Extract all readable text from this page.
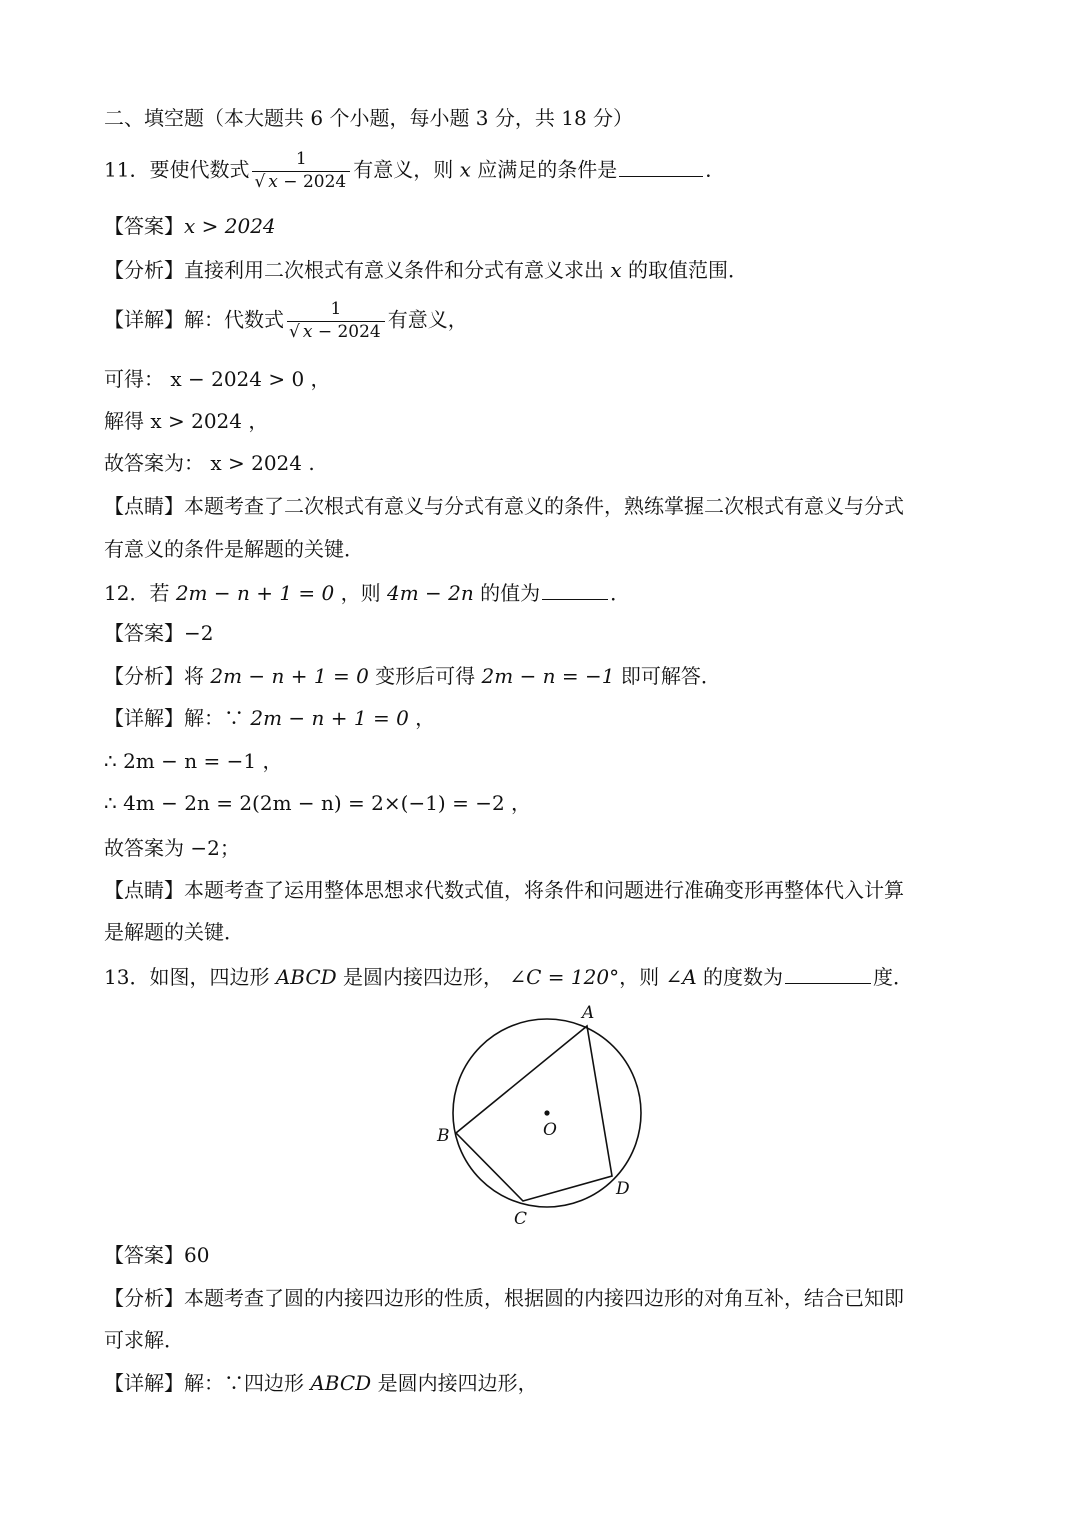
二、填空题（本大题共 6 个小题，每小题 3 分，共 18 分）
11．要使代数式 $\frac{1}{√ x - 2024}$ 有意义，则 x 应满足的条件是	．
【答案】x > 2024
【分析】直接利用二次根式有意义条件和分式有意义求出 x 的取值范围．
【详解】解：代数式 $\frac{1}{√ x - 2024}$ 有意义，
可得： x − 2024 > 0 ，
解得 x > 2024 ，
故答案为： x > 2024 .
【点睛】本题考查了二次根式有意义与分式有意义的条件，熟练掌握二次根式有意义与分式
有意义的条件是解题的关键．
12．若 2m − n + 1 = 0 ，则 4m − 2n 的值为	．
【答案】−2
【分析】将 2m − n + 1 = 0 变形后可得 2m − n = −1 即可解答．
【详解】解：∵ 2m − n + 1 = 0 ，
∴ 2m − n = −1 ，
∴ 4m − 2n = 2(2m − n) = 2×(−1) = −2 ，
故答案为 −2；
【点睛】本题考查了运用整体思想求代数式值，将条件和问题进行准确变形再整体代入计算
是解题的关键．
13．如图，四边形 ABCD 是圆内接四边形， ∠C = 120°，则 ∠A 的度数为	度．
A
B
C
D
O
【答案】60
【分析】本题考查了圆的内接四边形的性质，根据圆的内接四边形的对角互补，结合已知即
可求解．
【详解】解：∵四边形 ABCD 是圆内接四边形，
